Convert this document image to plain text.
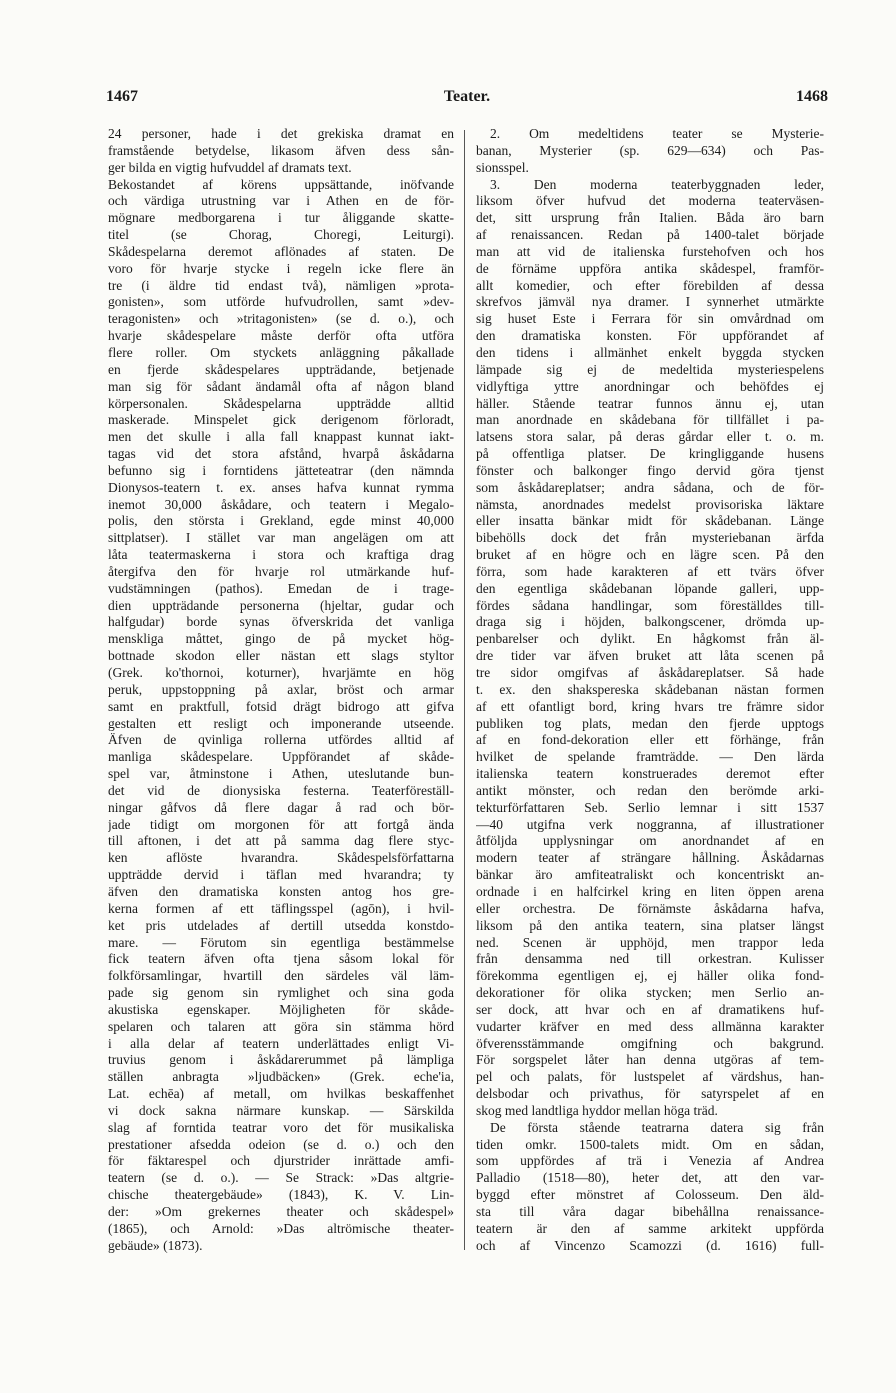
1467	Teater.	1468
24 personer, hade i det grekiska dramat en
framstående betydelse, likasom äfven dess sån-
ger bilda en vigtig hufvuddel af dramats text.
Bekostandet af körens uppsättande, inöfvande
och värdiga utrustning var i Athen en de för-
mögnare medborgarena i tur åliggande skatte-
titel (se Chorag, Choregi, Leiturgi).
Skådespelarna deremot aflönades af staten. De
voro för hvarje stycke i regeln icke flere än
tre (i äldre tid endast två), nämligen »prota-
gonisten», som utförde hufvudrollen, samt »dev-
teragonisten» och »tritagonisten» (se d. o.), och
hvarje skådespelare måste derför ofta utföra
flere roller. Om styckets anläggning påkallade
en fjerde skådespelares uppträdande, betjenade
man sig för sådant ändamål ofta af någon bland
körpersonalen. Skådespelarna uppträdde alltid
maskerade. Minspelet gick derigenom förloradt,
men det skulle i alla fall knappast kunnat iakt-
tagas vid det stora afstånd, hvarpå åskådarna
befunno sig i forntidens jätteteatrar (den nämnda
Dionysos-teatern t. ex. anses hafva kunnat rymma
inemot 30,000 åskådare, och teatern i Megalo-
polis, den största i Grekland, egde minst 40,000
sittplatser). I stället var man angelägen om att
låta teatermaskerna i stora och kraftiga drag
återgifva den för hvarje rol utmärkande huf-
vudstämningen (pathos). Emedan de i trage-
dien uppträdande personerna (hjeltar, gudar och
halfgudar) borde synas öfverskrida det vanliga
menskliga måttet, gingo de på mycket hög-
bottnade skodon eller nästan ett slags styltor
(Grek. ko'thornoi, koturner), hvarjämte en hög
peruk, uppstoppning på axlar, bröst och armar
samt en praktfull, fotsid drägt bidrogo att gifva
gestalten ett resligt och imponerande utseende.
Äfven de qvinliga rollerna utfördes alltid af
manliga skådespelare. Uppförandet af skåde-
spel var, åtminstone i Athen, uteslutande bun-
det vid de dionysiska festerna. Teaterföreställ-
ningar gåfvos då flere dagar å rad och bör-
jade tidigt om morgonen för att fortgå ända
till aftonen, i det att på samma dag flere styc-
ken aflöste hvarandra. Skådespelsförfattarna
uppträdde dervid i täflan med hvarandra; ty
äfven den dramatiska konsten antog hos gre-
kerna formen af ett täflingsspel (agōn), i hvil-
ket pris utdelades af dertill utsedda konstdo-
mare. — Förutom sin egentliga bestämmelse
fick teatern äfven ofta tjena såsom lokal för
folkförsamlingar, hvartill den särdeles väl läm-
pade sig genom sin rymlighet och sina goda
akustiska egenskaper. Möjligheten för skåde-
spelaren och talaren att göra sin stämma hörd
i alla delar af teatern underlättades enligt Vi-
truvius genom i åskådarerummet på lämpliga
ställen anbragta »ljudbäcken» (Grek. eche'ia,
Lat. echēa) af metall, om hvilkas beskaffenhet
vi dock sakna närmare kunskap. — Särskilda
slag af forntida teatrar voro det för musikaliska
prestationer afsedda odeion (se d. o.) och den
för fäktarespel och djurstrider inrättade amfi-
teatern (se d. o.). — Se Strack: »Das altgrie-
chische theatergebäude» (1843), K. V. Lin-
der: »Om grekernes theater och skådespel»
(1865), och Arnold: »Das altrömische theater-
gebäude» (1873).
2. Om medeltidens teater se Mysterie-
banan, Mysterier (sp. 629—634) och Pas-
sionsspel.
3. Den moderna teaterbyggnaden leder,
liksom öfver hufvud det moderna teaterväsen-
det, sitt ursprung från Italien. Båda äro barn
af renaissancen. Redan på 1400-talet började
man att vid de italienska furstehofven och hos
de förnäme uppföra antika skådespel, framför-
allt komedier, och efter förebilden af dessa
skrefvos jämväl nya dramer. I synnerhet utmärkte
sig huset Este i Ferrara för sin omvårdnad om
den dramatiska konsten. För uppförandet af
den tidens i allmänhet enkelt byggda stycken
lämpade sig ej de medeltida mysteriespelens
vidlyftiga yttre anordningar och behöfdes ej
häller. Stående teatrar funnos ännu ej, utan
man anordnade en skådebana för tillfället i pa-
latsens stora salar, på deras gårdar eller t. o. m.
på offentliga platser. De kringliggande husens
fönster och balkonger fingo dervid göra tjenst
som åskådareplatser; andra sådana, och de för-
nämsta, anordnades medelst provisoriska läktare
eller insatta bänkar midt för skådebanan. Länge
bibehölls dock det från mysteriebanan ärfda
bruket af en högre och en lägre scen. På den
förra, som hade karakteren af ett tvärs öfver
den egentliga skådebanan löpande galleri, upp-
fördes sådana handlingar, som föreställdes till-
draga sig i höjden, balkongscener, drömda up-
penbarelser och dylikt. En hågkomst från äl-
dre tider var äfven bruket att låta scenen på
tre sidor omgifvas af åskådareplatser. Så hade
t. ex. den shakspereska skådebanan nästan formen
af ett ofantligt bord, kring hvars tre främre sidor
publiken tog plats, medan den fjerde upptogs
af en fond-dekoration eller ett förhänge, från
hvilket de spelande framträdde. — Den lärda
italienska teatern konstruerades deremot efter
antikt mönster, och redan den berömde arki-
tekturförfattaren Seb. Serlio lemnar i sitt 1537
—40 utgifna verk noggranna, af illustrationer
åtföljda upplysningar om anordnandet af en
modern teater af strängare hållning. Åskådarnas
bänkar äro amfiteatraliskt och koncentriskt an-
ordnade i en halfcirkel kring en liten öppen arena
eller orchestra. De förnämste åskådarna hafva,
liksom på den antika teatern, sina platser längst
ned. Scenen är upphöjd, men trappor leda
från densamma ned till orkestran. Kulisser
förekomma egentligen ej, ej häller olika fond-
dekorationer för olika stycken; men Serlio an-
ser dock, att hvar och en af dramatikens huf-
vudarter kräfver en med dess allmänna karakter
öfverensstämmande omgifning och bakgrund.
För sorgspelet låter han denna utgöras af tem-
pel och palats, för lustspelet af värdshus, han-
delsbodar och privathus, för satyrspelet af en
skog med landtliga hyddor mellan höga träd.
De första stående teatrarna datera sig från
tiden omkr. 1500-talets midt. Om en sådan,
som uppfördes af trä i Venezia af Andrea
Palladio (1518—80), heter det, att den var-
byggd efter mönstret af Colosseum. Den äld-
sta till våra dagar bibehållna renaissance-
teatern är den af samme arkitekt uppförda
och af Vincenzo Scamozzi (d. 1616) full-
